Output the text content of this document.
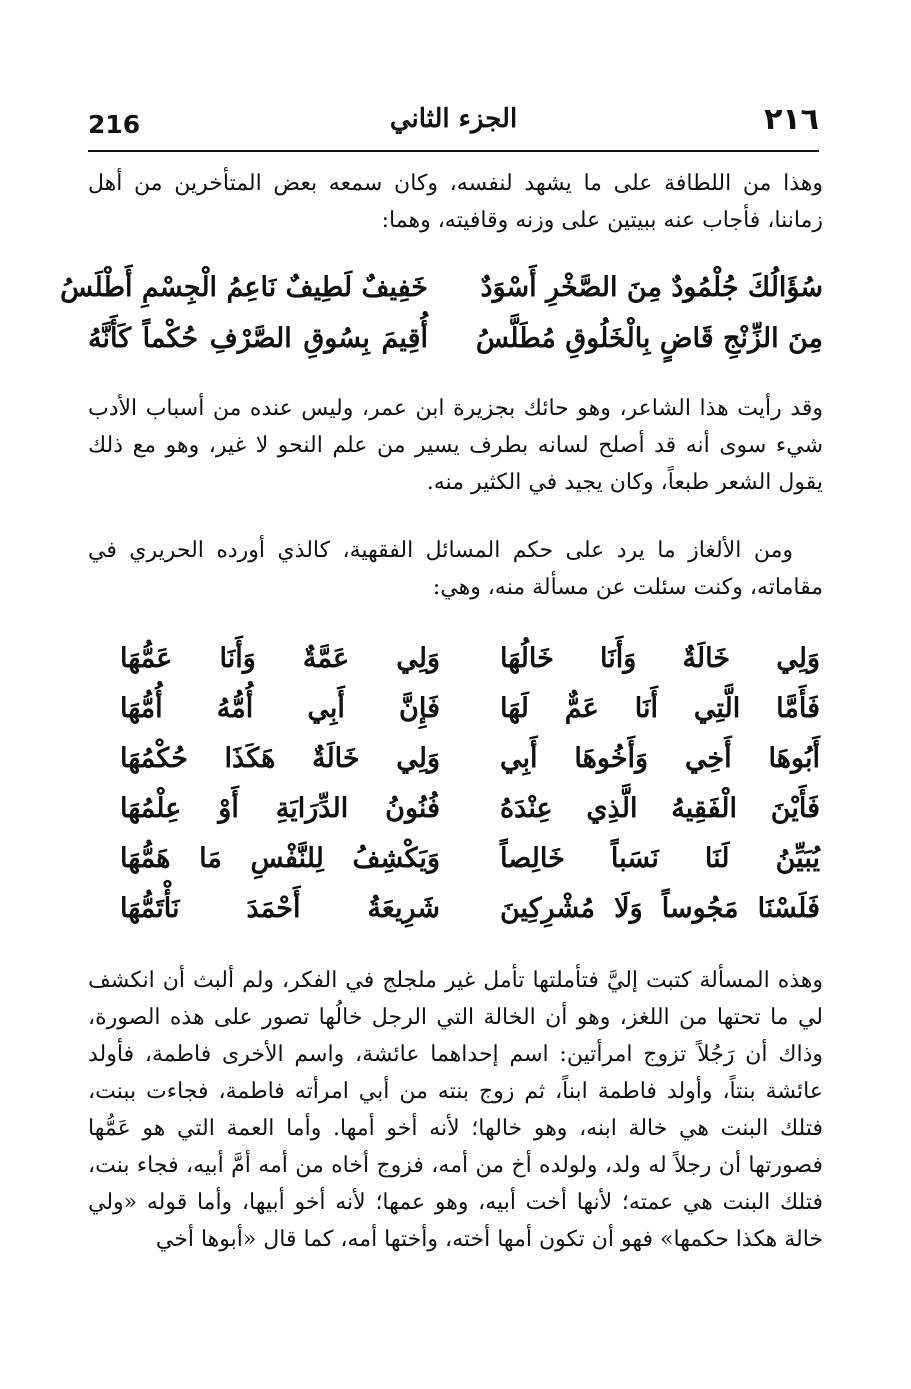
٢١٦
الجزء الثاني
216
وهذا من اللطافة على ما يشهد لنفسه، وكان سمعه بعض المتأخرين من أهل زماننا، فأجاب عنه ببيتين على وزنه وقافيته، وهما:
سُؤَالُكَ جُلْمُودٌ مِنَ الصَّخْرِ أَسْوَدٌ
خَفِيفٌ لَطِيفٌ نَاعِمُ الْجِسْمِ أَطْلَسُ
مِنَ الزِّنْجِ قَاضٍ بِالْخَلُوقِ مُطَلَّسُ
أُقِيمَ بِسُوقِ الصَّرْفِ حُكْماً كَأَنَّهُ
وقد رأيت هذا الشاعر، وهو حائك بجزيرة ابن عمر، وليس عنده من أسباب الأدب شيء سوى أنه قد أصلح لسانه بطرف يسير من علم النحو لا غير، وهو مع ذلك يقول الشعر طبعاً، وكان يجيد في الكثير منه.
ومن الألغاز ما يرد على حكم المسائل الفقهية، كالذي أورده الحريري في مقاماته، وكنت سئلت عن مسألة منه، وهي:
وَلِي خَالَةٌ وَأَنَا خَالُهَا
وَلِي عَمَّةٌ وَأَنَا عَمُّهَا
فَأَمَّا الَّتِي أَنَا عَمٌّ لَهَا
فَإِنَّ أَبِي أُمُّهُ أُمُّهَا
أَبُوهَا أَخِي وَأَخُوهَا أَبِي
وَلِي خَالَةٌ هَكَذَا حُكْمُهَا
فَأَيْنَ الْفَقِيهُ الَّذِي عِنْدَهُ
فُنُونُ الدِّرَايَةِ أَوْ عِلْمُهَا
يُبَيِّنُ لَنَا نَسَباً خَالِصاً
وَيَكْشِفُ لِلنَّفْسِ مَا هَمُّهَا
فَلَسْنَا مَجُوساً وَلَا مُشْرِكِينَ
شَرِيعَةُ أَحْمَدَ نَأْتَمُّهَا
وهذه المسألة كتبت إليَّ فتأملتها تأمل غير ملجلج في الفكر، ولم ألبث أن انكشف لي ما تحتها من اللغز، وهو أن الخالة التي الرجل خالُها تصور على هذه الصورة، وذاك أن رَجُلاً تزوج امرأتين: اسم إحداهما عائشة، واسم الأخرى فاطمة، فأولد عائشة بنتاً، وأولد فاطمة ابناً، ثم زوج بنته من أبي امرأته فاطمة، فجاءت ببنت، فتلك البنت هي خالة ابنه، وهو خالها؛ لأنه أخو أمها. وأما العمة التي هو عَمُّها فصورتها أن رجلاً له ولد، ولولده أخ من أمه، فزوج أخاه من أمه أمَّ أبيه، فجاء بنت، فتلك البنت هي عمته؛ لأنها أخت أبيه، وهو عمها؛ لأنه أخو أبيها، وأما قوله «ولي خالة هكذا حكمها» فهو أن تكون أمها أخته، وأختها أمه، كما قال «أبوها أخي
